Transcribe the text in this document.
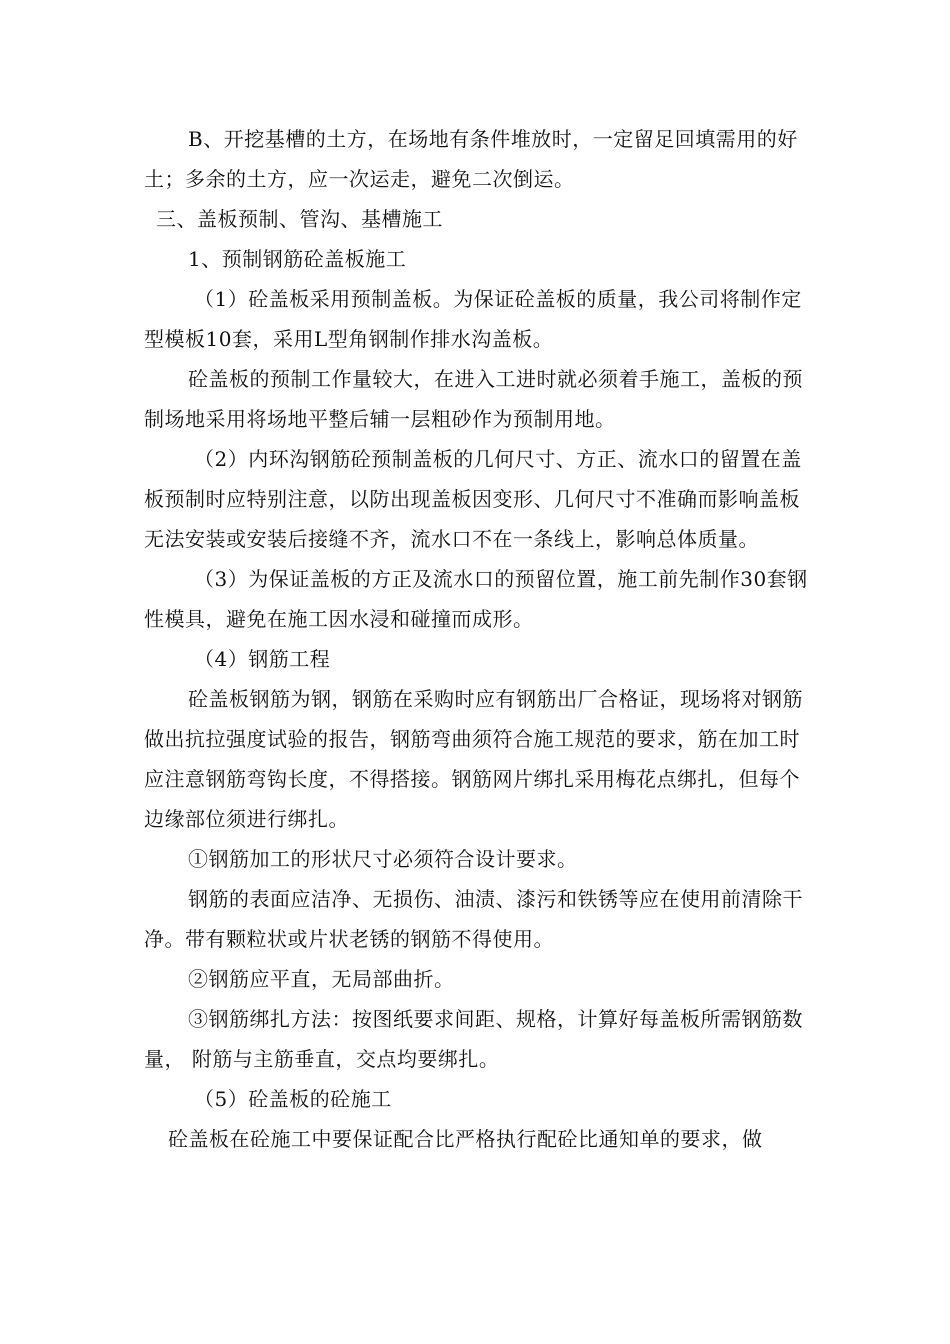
B、开挖基槽的土方，在场地有条件堆放时，一定留足回填需用的好土；多余的土方，应一次运走，避免二次倒运。

三、盖板预制、管沟、基槽施工

1、预制钢筋砼盖板施工

（1）砼盖板采用预制盖板。为保证砼盖板的质量，我公司将制作定型模板10套，采用L型角钢制作排水沟盖板。

砼盖板的预制工作量较大，在进入工进时就必须着手施工，盖板的预制场地采用将场地平整后辅一层粗砂作为预制用地。

（2）内环沟钢筋砼预制盖板的几何尺寸、方正、流水口的留置在盖板预制时应特别注意，以防出现盖板因变形、几何尺寸不准确而影响盖板无法安装或安装后接缝不齐，流水口不在一条线上，影响总体质量。

（3）为保证盖板的方正及流水口的预留位置，施工前先制作30套钢性模具，避免在施工因水浸和碰撞而成形。

（4）钢筋工程

砼盖板钢筋为钢，钢筋在采购时应有钢筋出厂合格证，现场将对钢筋做出抗拉强度试验的报告，钢筋弯曲须符合施工规范的要求，筋在加工时应注意钢筋弯钩长度，不得搭接。钢筋网片绑扎采用梅花点绑扎，但每个边缘部位须进行绑扎。

①钢筋加工的形状尺寸必须符合设计要求。

钢筋的表面应洁净、无损伤、油渍、漆污和铁锈等应在使用前清除干净。带有颗粒状或片状老锈的钢筋不得使用。

②钢筋应平直，无局部曲折。

③钢筋绑扎方法：按图纸要求间距、规格，计算好每盖板所需钢筋数量， 附筋与主筋垂直，交点均要绑扎。

（5）砼盖板的砼施工

砼盖板在砼施工中要保证配合比严格执行配砼比通知单的要求，做
